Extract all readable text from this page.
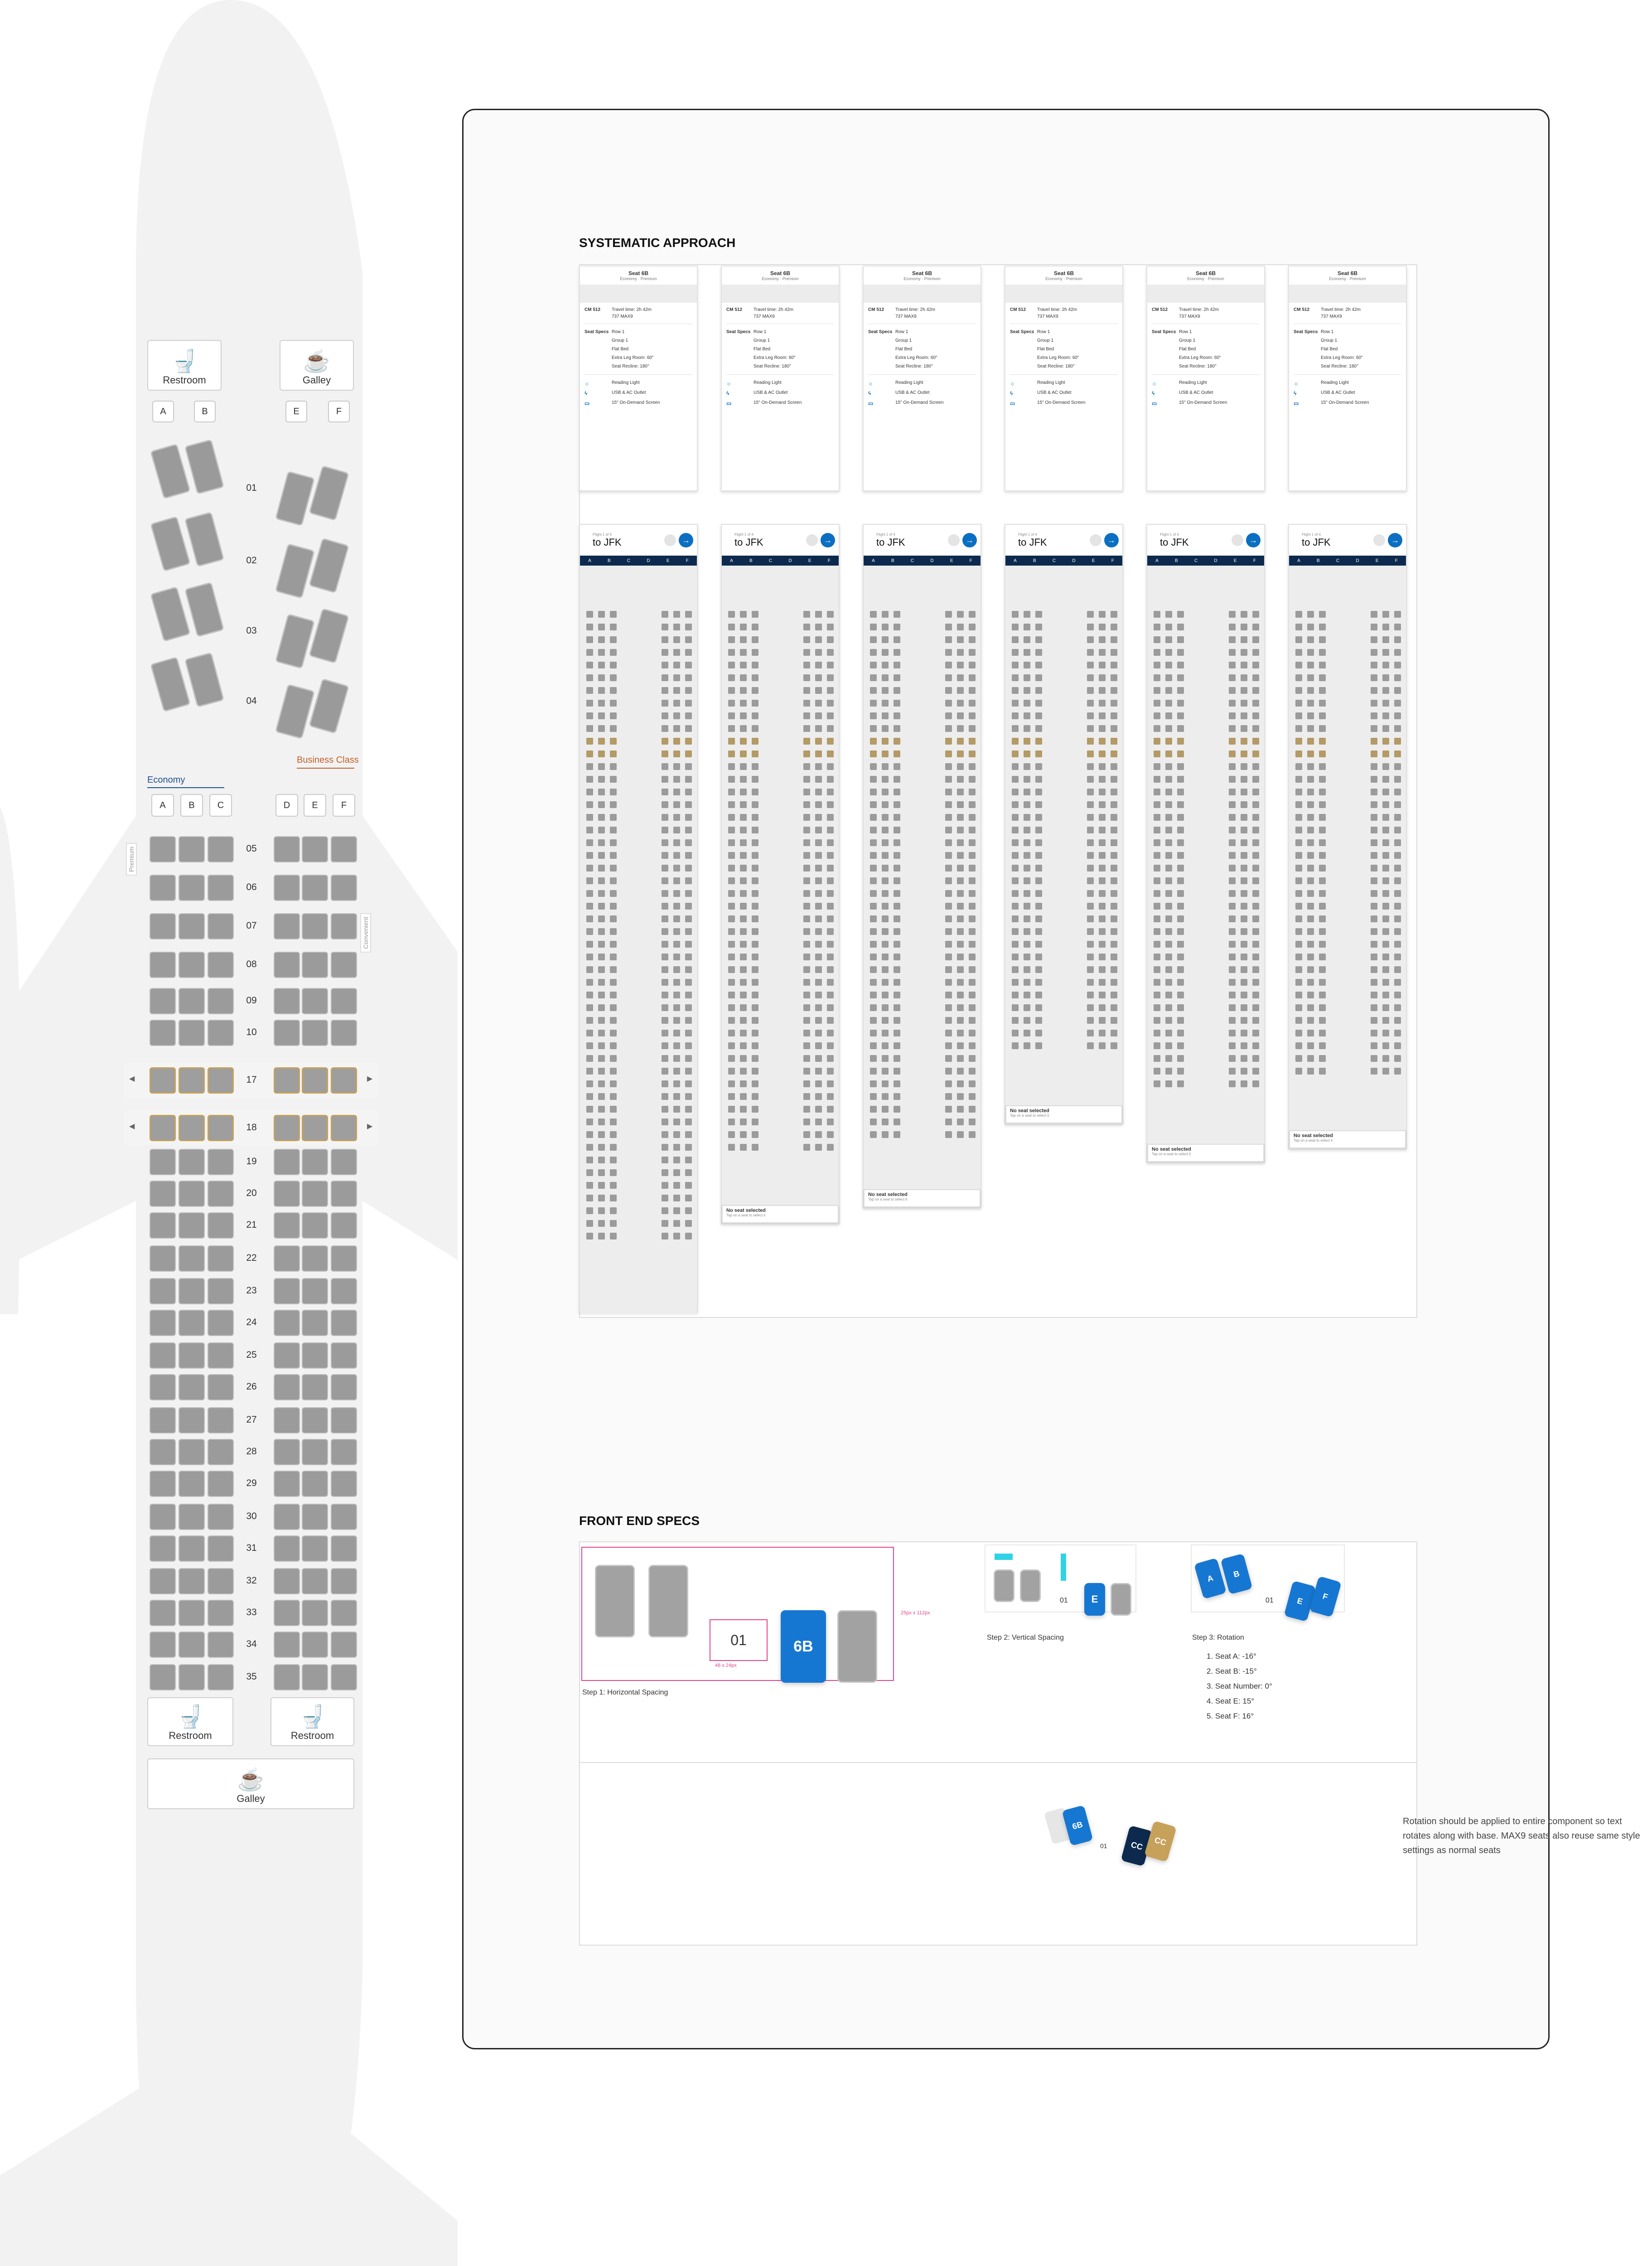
🚽
Restroom
☕
Galley
A	B	E	F
01
02
03
04
Business Class
Economy
A	B	C	D	E	F
Premium
Convenient
◀	▶
◀	▶
05
06
07
08
09
10
17
18
19
20
21
22
23
24
25
26
27
28
29
30
31
32
33
34
35
🚽
Restroom
🚽
Restroom
☕
Galley
SYSTEMATIC APPROACH
Seat 6B
Economy · Premium
CM 512	Travel time: 2h 42m
737 MAX9
Seat Specs Row 1
Group 1
Flat Bed
Extra Leg Room: 60"
Seat Recline: 180°
☼	Reading Light
ϟ	USB & AC Outlet
▭	15" On-Demand Screen
Seat 6B
Economy · Premium
CM 512	Travel time: 2h 42m
737 MAX9
Seat Specs Row 1
Group 1
Flat Bed
Extra Leg Room: 60"
Seat Recline: 180°
☼	Reading Light
ϟ	USB & AC Outlet
▭	15" On-Demand Screen
Seat 6B
Economy · Premium
CM 512	Travel time: 2h 42m
737 MAX9
Seat Specs Row 1
Group 1
Flat Bed
Extra Leg Room: 60"
Seat Recline: 180°
☼	Reading Light
ϟ	USB & AC Outlet
▭	15" On-Demand Screen
Seat 6B
Economy · Premium
CM 512	Travel time: 2h 42m
737 MAX9
Seat Specs Row 1
Group 1
Flat Bed
Extra Leg Room: 60"
Seat Recline: 180°
☼	Reading Light
ϟ	USB & AC Outlet
▭	15" On-Demand Screen
Seat 6B
Economy · Premium
CM 512	Travel time: 2h 42m
737 MAX9
Seat Specs Row 1
Group 1
Flat Bed
Extra Leg Room: 60"
Seat Recline: 180°
☼	Reading Light
ϟ	USB & AC Outlet
▭	15" On-Demand Screen
Seat 6B
Economy · Premium
CM 512	Travel time: 2h 42m
737 MAX9
Seat Specs Row 1
Group 1
Flat Bed
Extra Leg Room: 60"
Seat Recline: 180°
☼	Reading Light
ϟ	USB & AC Outlet
▭	15" On-Demand Screen
Flight 1 of 4
to JFK	→
A	B	C	D	E	F
Flight 1 of 4
to JFK	→
A	B	C	D	E	F
No seat selected
Tap on a seat to select it
Flight 1 of 4
to JFK	→
A	B	C	D	E	F
No seat selected
Tap on a seat to select it
Flight 1 of 4
to JFK	→
A	B	C	D	E	F
No seat selected
Tap on a seat to select it
Flight 1 of 4
to JFK	→
A	B	C	D	E	F
No seat selected
Tap on a seat to select it
Flight 1 of 4
to JFK	→
A	B	C	D	E	F
No seat selected
Tap on a seat to select it
FRONT END SPECS
01
48 x 24px
6B
25px x 112px
Step 1: Horizontal Spacing
01	E
Step 2: Vertical Spacing
A	B
01	E	F
Step 3: Rotation
1. Seat A: -16°
2. Seat B: -15°
3. Seat Number: 0°
4. Seat E: 15°
5. Seat F: 16°
6B
01	CC	CC
Rotation should be applied to entire component so text rotates along with base. MAX9 seats also reuse same style settings as normal seats
